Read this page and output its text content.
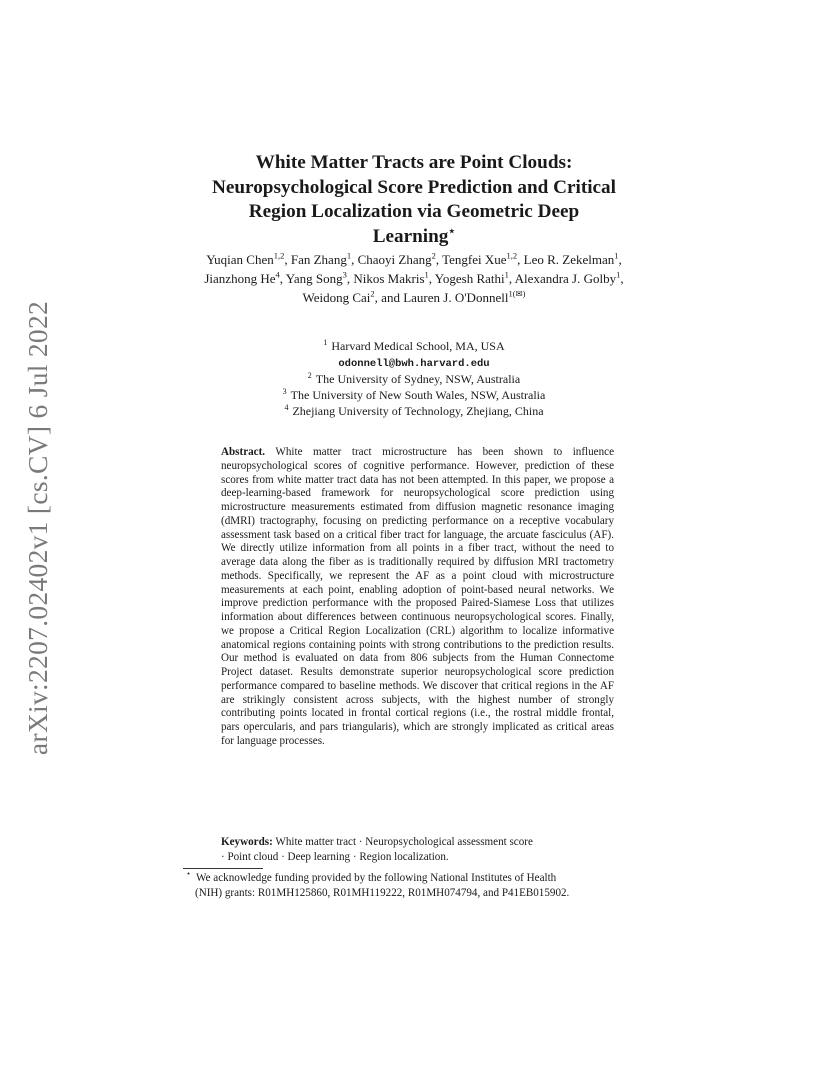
arXiv:2207.02402v1 [cs.CV] 6 Jul 2022
White Matter Tracts are Point Clouds:
Neuropsychological Score Prediction and Critical
Region Localization via Geometric Deep
Learning⋆
Yuqian Chen$^{1,2}$, Fan Zhang$^1$, Chaoyi Zhang$^2$, Tengfei Xue$^{1,2}$, Leo R. Zekelman$^1$, Jianzhong He$^4$, Yang Song$^3$, Nikos Makris$^1$, Yogesh Rathi$^1$, Alexandra J. Golby$^1$, Weidong Cai$^2$, and Lauren J. O'Donnell$^{1(✉)}$
$^1$ Harvard Medical School, MA, USA
odonnell@bwh.harvard.edu
$^2$ The University of Sydney, NSW, Australia
$^3$ The University of New South Wales, NSW, Australia
$^4$ Zhejiang University of Technology, Zhejiang, China
Abstract. White matter tract microstructure has been shown to influence neuropsychological scores of cognitive performance. However, prediction of these scores from white matter tract data has not been attempted. In this paper, we propose a deep-learning-based framework for neuropsychological score prediction using microstructure measurements estimated from diffusion magnetic resonance imaging (dMRI) tractography, focusing on predicting performance on a receptive vocabulary assessment task based on a critical fiber tract for language, the arcuate fasciculus (AF). We directly utilize information from all points in a fiber tract, without the need to average data along the fiber as is traditionally required by diffusion MRI tractometry methods. Specifically, we represent the AF as a point cloud with microstructure measurements at each point, enabling adoption of point-based neural networks. We improve prediction performance with the proposed Paired-Siamese Loss that utilizes information about differences between continuous neuropsychological scores. Finally, we propose a Critical Region Localization (CRL) algorithm to localize informative anatomical regions containing points with strong contributions to the prediction results. Our method is evaluated on data from 806 subjects from the Human Connectome Project dataset. Results demonstrate superior neuropsychological score prediction performance compared to baseline methods. We discover that critical regions in the AF are strikingly consistent across subjects, with the highest number of strongly contributing points located in frontal cortical regions (i.e., the rostral middle frontal, pars opercularis, and pars triangularis), which are strongly implicated as critical areas for language processes.
Keywords: White matter tract · Neuropsychological assessment score
· Point cloud · Deep learning · Region localization.
⋆ We acknowledge funding provided by the following National Institutes of Health
(NIH) grants: R01MH125860, R01MH119222, R01MH074794, and P41EB015902.
